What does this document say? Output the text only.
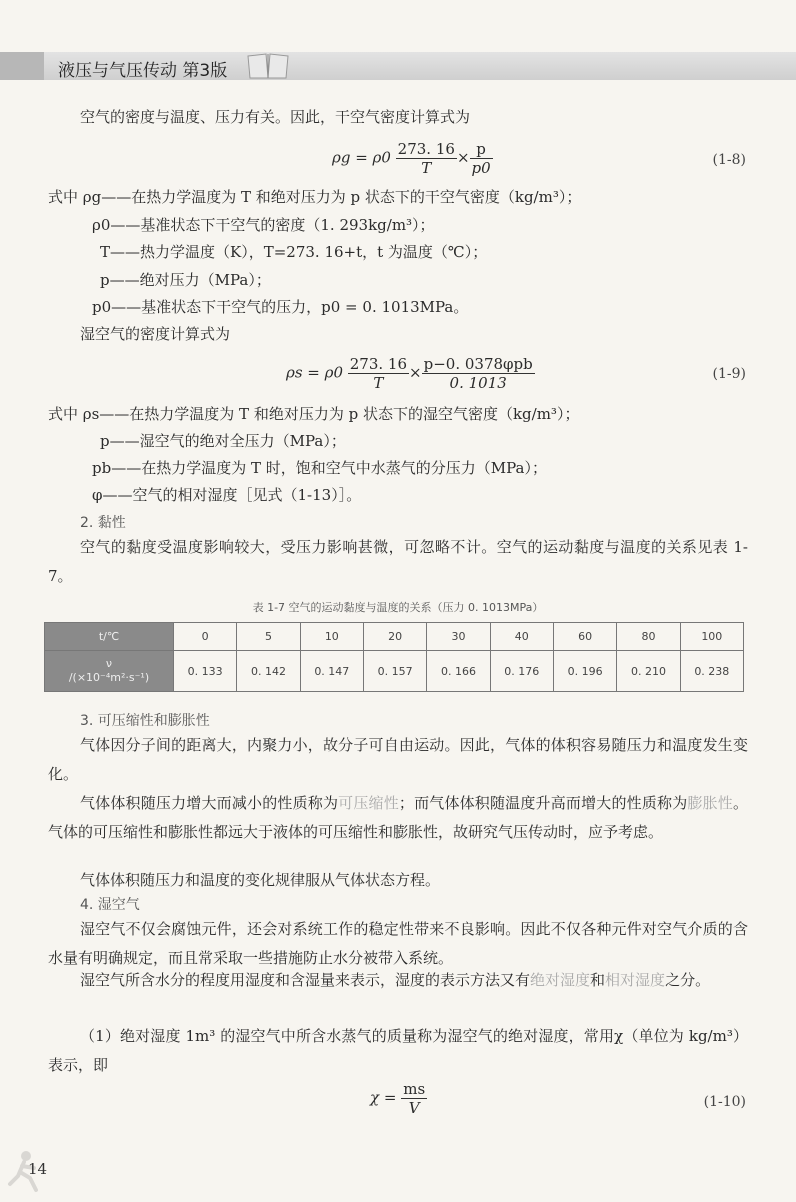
液压与气压传动 第3版
空气的密度与温度、压力有关。因此，干空气密度计算式为
$\rho g = \rho 0 \frac{273. 16}{T} \times \frac{p}{p0}$	(1-8)
式中 ρg——在热力学温度为 T 和绝对压力为 p 状态下的干空气密度（kg/m³）；
ρ0——基准状态下干空气的密度（1. 293kg/m³）；
T——热力学温度（K），T=273. 16+t，t 为温度（℃）；
p——绝对压力（MPa）；
p0——基准状态下干空气的压力，p0 = 0. 1013MPa。
湿空气的密度计算式为
$\rho s = \rho 0 \frac{273. 16}{T} \times \frac{\text{p−0. 0378φpb}}{0. 1013}$	(1-9)
式中 ρs——在热力学温度为 T 和绝对压力为 p 状态下的湿空气密度（kg/m³）；
p——湿空气的绝对全压力（MPa）；
pb——在热力学温度为 T 时，饱和空气中水蒸气的分压力（MPa）；
φ——空气的相对湿度［见式（1-13）］。
2. 黏性
空气的黏度受温度影响较大，受压力影响甚微，可忽略不计。空气的运动黏度与温度的关系见表 1-7。
表 1-7 空气的运动黏度与温度的关系（压力 0. 1013MPa）
t/℃	0	5	10	20	30	40	60	80	100
ν
/(×10⁻⁴m²·s⁻¹)	0. 133	0. 142	0. 147	0. 157	0. 166	0. 176	0. 196	0. 210	0. 238
3. 可压缩性和膨胀性
气体因分子间的距离大，内聚力小，故分子可自由运动。因此，气体的体积容易随压力和温度发生变化。
气体体积随压力增大而减小的性质称为可压缩性；而气体体积随温度升高而增大的性质称为膨胀性。气体的可压缩性和膨胀性都远大于液体的可压缩性和膨胀性，故研究气压传动时，应予考虑。
气体体积随压力和温度的变化规律服从气体状态方程。
4. 湿空气
湿空气不仅会腐蚀元件，还会对系统工作的稳定性带来不良影响。因此不仅各种元件对空气介质的含水量有明确规定，而且常采取一些措施防止水分被带入系统。
湿空气所含水分的程度用湿度和含湿量来表示，湿度的表示方法又有绝对湿度和相对湿度之分。
（1）绝对湿度 1m³ 的湿空气中所含水蒸气的质量称为湿空气的绝对湿度，常用χ（单位为 kg/m³）表示，即
$\chi = \frac{ms}{V}$	(1-10)
14
